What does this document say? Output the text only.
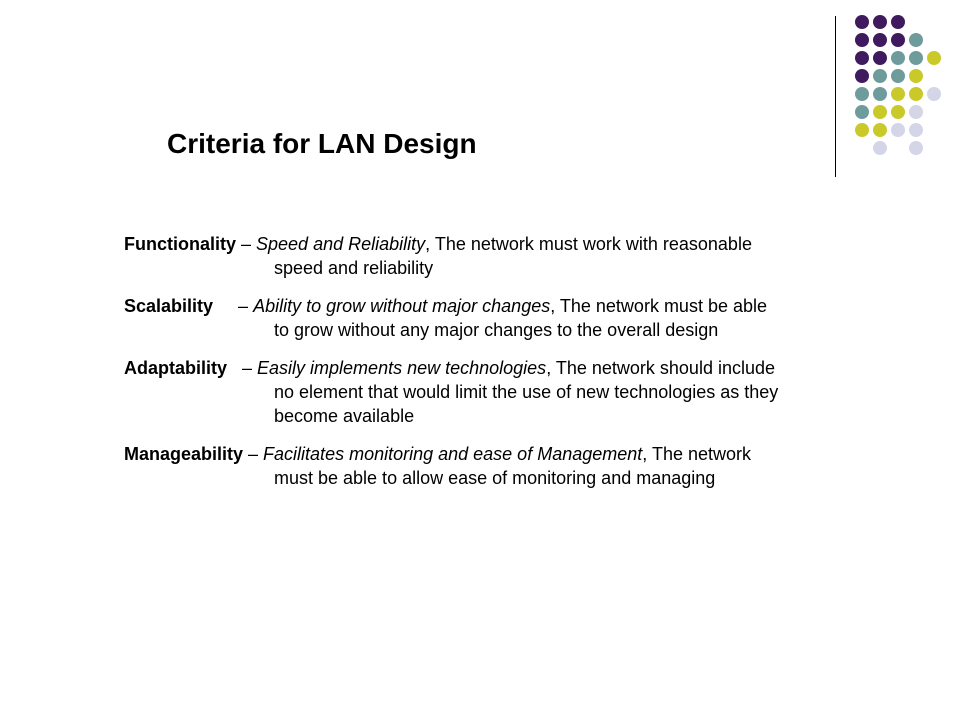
Criteria for LAN Design
Functionality – Speed and Reliability, The network must work with reasonable
speed and reliability
Scalability     – Ability to grow without major changes, The network must be able
to grow without any major changes to the overall design
Adaptability   – Easily implements new technologies, The network should include
no element that would limit the use of new technologies as they
become available
Manageability – Facilitates monitoring and ease of Management, The network
must be able to allow ease of monitoring and managing
